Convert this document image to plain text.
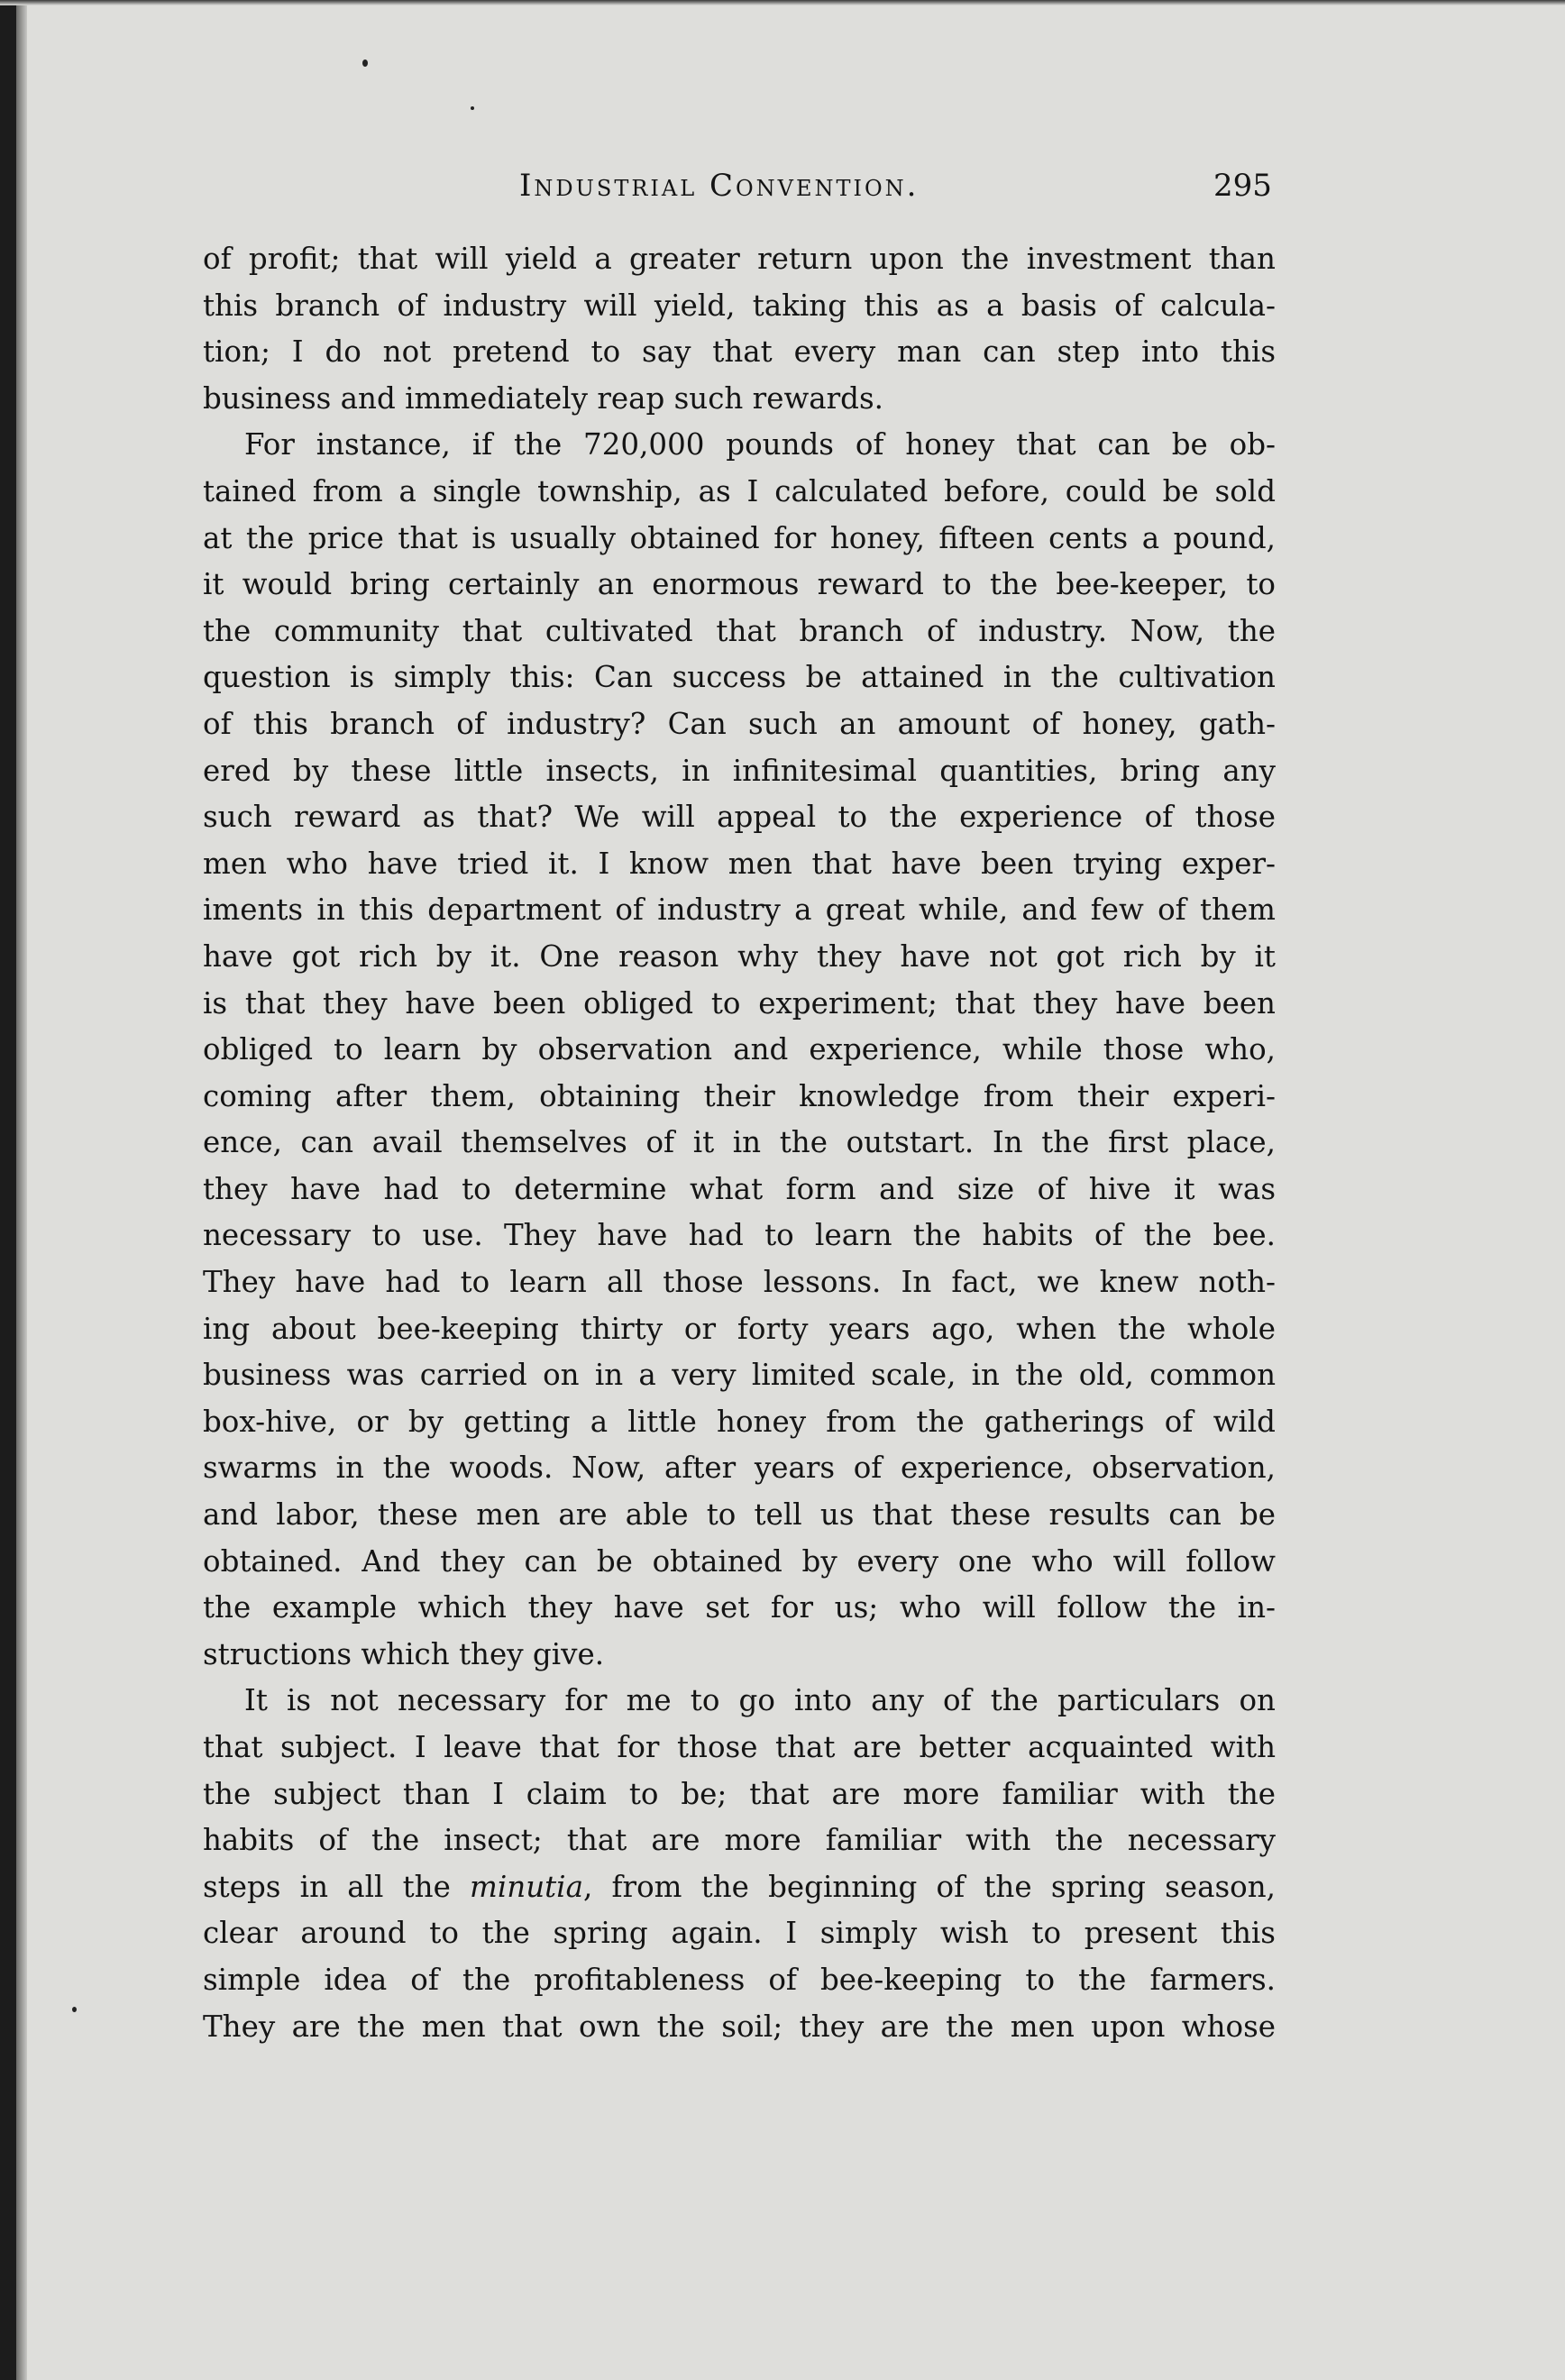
Industrial Convention.	295
of profit; that will yield a greater return upon the investment than
this branch of industry will yield, taking this as a basis of calcula-
tion; I do not pretend to say that every man can step into this
business and immediately reap such rewards.
For instance, if the 720,000 pounds of honey that can be ob-
tained from a single township, as I calculated before, could be sold
at the price that is usually obtained for honey, fifteen cents a pound,
it would bring certainly an enormous reward to the bee-keeper, to
the community that cultivated that branch of industry. Now, the
question is simply this: Can success be attained in the cultivation
of this branch of industry? Can such an amount of honey, gath-
ered by these little insects, in infinitesimal quantities, bring any
such reward as that? We will appeal to the experience of those
men who have tried it. I know men that have been trying exper-
iments in this department of industry a great while, and few of them
have got rich by it. One reason why they have not got rich by it
is that they have been obliged to experiment; that they have been
obliged to learn by observation and experience, while those who,
coming after them, obtaining their knowledge from their experi-
ence, can avail themselves of it in the outstart. In the first place,
they have had to determine what form and size of hive it was
necessary to use. They have had to learn the habits of the bee.
They have had to learn all those lessons. In fact, we knew noth-
ing about bee-keeping thirty or forty years ago, when the whole
business was carried on in a very limited scale, in the old, common
box-hive, or by getting a little honey from the gatherings of wild
swarms in the woods. Now, after years of experience, observation,
and labor, these men are able to tell us that these results can be
obtained. And they can be obtained by every one who will follow
the example which they have set for us; who will follow the in-
structions which they give.
It is not necessary for me to go into any of the particulars on
that subject. I leave that for those that are better acquainted with
the subject than I claim to be; that are more familiar with the
habits of the insect; that are more familiar with the necessary
steps in all the minutia, from the beginning of the spring season,
clear around to the spring again. I simply wish to present this
simple idea of the profitableness of bee-keeping to the farmers.
They are the men that own the soil; they are the men upon whose
